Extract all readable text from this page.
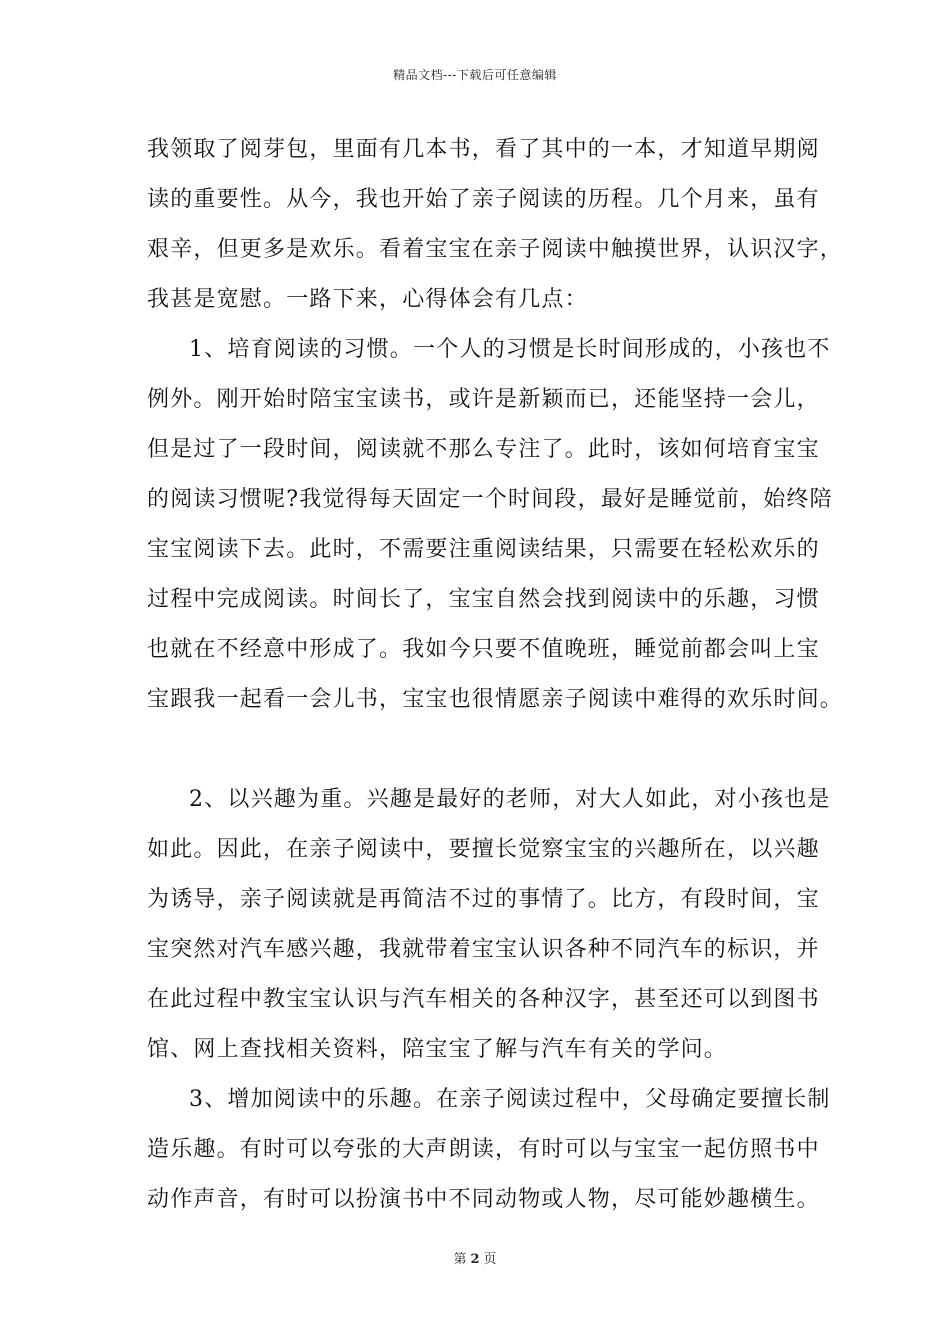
精品文档---下载后可任意编辑
我领取了阅芽包，里面有几本书，看了其中的一本，才知道早期阅
读的重要性。从今，我也开始了亲子阅读的历程。几个月来，虽有
艰辛，但更多是欢乐。看着宝宝在亲子阅读中触摸世界，认识汉字，
我甚是宽慰。一路下来，心得体会有几点：
1、培育阅读的习惯。一个人的习惯是长时间形成的，小孩也不
例外。刚开始时陪宝宝读书，或许是新颖而已，还能坚持一会儿，
但是过了一段时间，阅读就不那么专注了。此时，该如何培育宝宝
的阅读习惯呢?我觉得每天固定一个时间段，最好是睡觉前，始终陪
宝宝阅读下去。此时，不需要注重阅读结果，只需要在轻松欢乐的
过程中完成阅读。时间长了，宝宝自然会找到阅读中的乐趣，习惯
也就在不经意中形成了。我如今只要不值晚班，睡觉前都会叫上宝
宝跟我一起看一会儿书，宝宝也很情愿亲子阅读中难得的欢乐时间。
2、以兴趣为重。兴趣是最好的老师，对大人如此，对小孩也是
如此。因此，在亲子阅读中，要擅长觉察宝宝的兴趣所在，以兴趣
为诱导，亲子阅读就是再简洁不过的事情了。比方，有段时间，宝
宝突然对汽车感兴趣，我就带着宝宝认识各种不同汽车的标识，并
在此过程中教宝宝认识与汽车相关的各种汉字，甚至还可以到图书
馆、网上查找相关资料，陪宝宝了解与汽车有关的学问。
3、增加阅读中的乐趣。在亲子阅读过程中，父母确定要擅长制
造乐趣。有时可以夸张的大声朗读，有时可以与宝宝一起仿照书中
动作声音，有时可以扮演书中不同动物或人物，尽可能妙趣横生。
第 2 页
